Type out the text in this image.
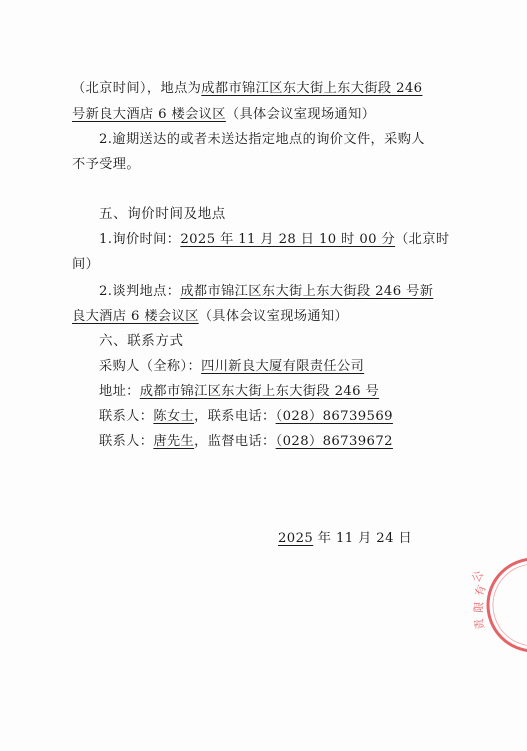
（北京时间），地点为成都市锦江区东大街上东大街段 246
号新良大酒店 6 楼会议区（具体会议室现场通知）
2.逾期送达的或者未送达指定地点的询价文件，采购人
不予受理。
五、询价时间及地点
1.询价时间：2025 年 11 月 28 日 10 时 00 分（北京时
间）
2.谈判地点：成都市锦江区东大街上东大街段 246 号新
良大酒店 6 楼会议区（具体会议室现场通知）
六、联系方式
采购人（全称）：四川新良大厦有限责任公司
地址：成都市锦江区东大街上东大街段 246 号
联系人：陈女士，联系电话：（028）86739569
联系人：唐先生，监督电话：（028）86739672
2025 年 11 月 24 日
公
有
限
责
